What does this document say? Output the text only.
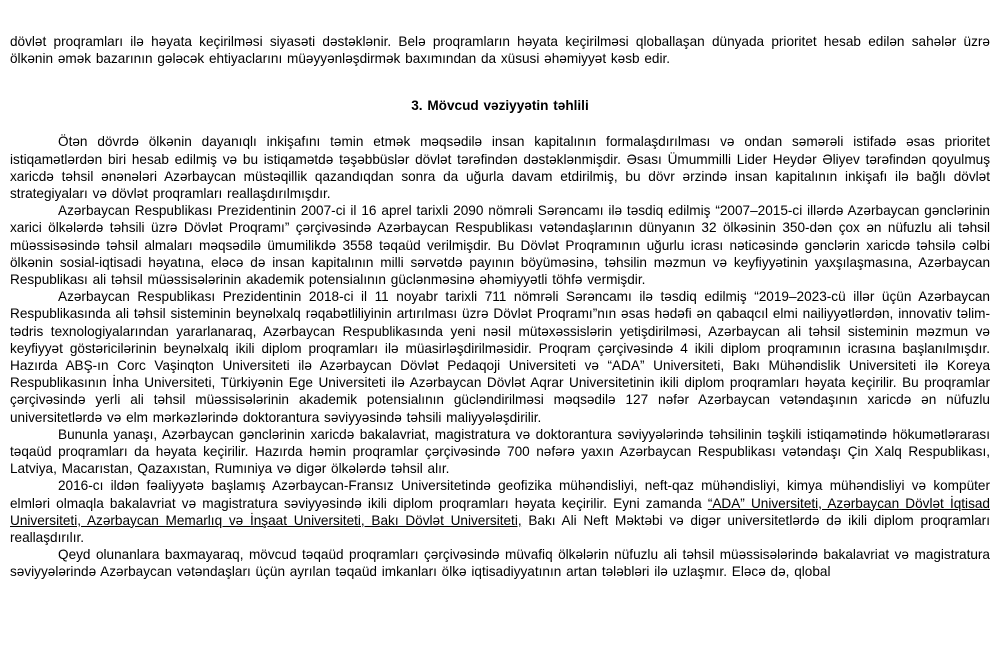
dövlət proqramları ilə həyata keçirilməsi siyasəti dəstəklənir. Belə proqramların həyata keçirilməsi qloballaşan dünyada prioritet hesab edilən sahələr üzrə ölkənin əmək bazarının gələcək ehtiyaclarını müəyyənləşdirmək baxımından da xüsusi əhəmiyyət kəsb edir.

3. Mövcud vəziyyətin təhlili

Ötən dövrdə ölkənin dayanıqlı inkişafını təmin etmək məqsədilə insan kapitalının formalaşdırılması və ondan səmərəli istifadə əsas prioritet istiqamətlərdən biri hesab edilmiş və bu istiqamətdə təşəbbüslər dövlət tərəfindən dəstəklənmişdir. Əsası Ümummilli Lider Heydər Əliyev tərəfindən qoyulmuş xaricdə təhsil ənənələri Azərbaycan müstəqillik qazandıqdan sonra da uğurla davam etdirilmiş, bu dövr ərzində insan kapitalının inkişafı ilə bağlı dövlət strategiyaları və dövlət proqramları reallaşdırılmışdır.

Azərbaycan Respublikası Prezidentinin 2007-ci il 16 aprel tarixli 2090 nömrəli Sərəncamı ilə təsdiq edilmiş “2007–2015-ci illərdə Azərbaycan gənclərinin xarici ölkələrdə təhsili üzrə Dövlət Proqramı” çərçivəsində Azərbaycan Respublikası vətəndaşlarının dünyanın 32 ölkəsinin 350-dən çox ən nüfuzlu ali təhsil müəssisəsində təhsil almaları məqsədilə ümumilikdə 3558 təqaüd verilmişdir. Bu Dövlət Proqramının uğurlu icrası nəticəsində gənclərin xaricdə təhsilə cəlbi ölkənin sosial-iqtisadi həyatına, eləcə də insan kapitalının milli sərvətdə payının böyüməsinə, təhsilin məzmun və keyfiyyətinin yaxşılaşmasına, Azərbaycan Respublikası ali təhsil müəssisələrinin akademik potensialının güclənməsinə əhəmiyyətli töhfə vermişdir.

Azərbaycan Respublikası Prezidentinin 2018-ci il 11 noyabr tarixli 711 nömrəli Sərəncamı ilə təsdiq edilmiş “2019–2023-cü illər üçün Azərbaycan Respublikasında ali təhsil sisteminin beynəlxalq rəqabətliliyinin artırılması üzrə Dövlət Proqramı”nın əsas hədəfi ən qabaqcıl elmi nailiyyətlərdən, innovativ təlim-tədris texnologiyalarından yararlanaraq, Azərbaycan Respublikasında yeni nəsil mütəxəssislərin yetişdirilməsi, Azərbaycan ali təhsil sisteminin məzmun və keyfiyyət göstəricilərinin beynəlxalq ikili diplom proqramları ilə müasirləşdirilməsidir. Proqram çərçivəsində 4 ikili diplom proqramının icrasına başlanılmışdır. Hazırda ABŞ-ın Corc Vaşinqton Universiteti ilə Azərbaycan Dövlət Pedaqoji Universiteti və “ADA” Universiteti, Bakı Mühəndislik Universiteti ilə Koreya Respublikasının İnha Universiteti, Türkiyənin Ege Universiteti ilə Azərbaycan Dövlət Aqrar Universitetinin ikili diplom proqramları həyata keçirilir. Bu proqramlar çərçivəsində yerli ali təhsil müəssisələrinin akademik potensialının gücləndirilməsi məqsədilə 127 nəfər Azərbaycan vətəndaşının xaricdə ən nüfuzlu universitetlərdə və elm mərkəzlərində doktorantura səviyyəsində təhsili maliyyələşdirilir.

Bununla yanaşı, Azərbaycan gənclərinin xaricdə bakalavriat, magistratura və doktorantura səviyyələrində təhsilinin təşkili istiqamətində hökumətlərarası təqaüd proqramları da həyata keçirilir. Hazırda həmin proqramlar çərçivəsində 700 nəfərə yaxın Azərbaycan Respublikası vətəndaşı Çin Xalq Respublikası, Latviya, Macarıstan, Qazaxıstan, Rumıniya və digər ölkələrdə təhsil alır.

2016-cı ildən fəaliyyətə başlamış Azərbaycan-Fransız Universitetində geofizika mühəndisliyi, neft-qaz mühəndisliyi, kimya mühəndisliyi və kompüter elmləri olmaqla bakalavriat və magistratura səviyyəsində ikili diplom proqramları həyata keçirilir. Eyni zamanda “ADA” Universiteti, Azərbaycan Dövlət İqtisad Universiteti, Azərbaycan Memarlıq və İnşaat Universiteti, Bakı Dövlət Universiteti, Bakı Ali Neft Məktəbi və digər universitetlərdə də ikili diplom proqramları reallaşdırılır.

Qeyd olunanlara baxmayaraq, mövcud təqaüd proqramları çərçivəsində müvafiq ölkələrin nüfuzlu ali təhsil müəssisələrində bakalavriat və magistratura səviyyələrində Azərbaycan vətəndaşları üçün ayrılan təqaüd imkanları ölkə iqtisadiyyatının artan tələbləri ilə uzlaşmır. Eləcə də, qlobal
